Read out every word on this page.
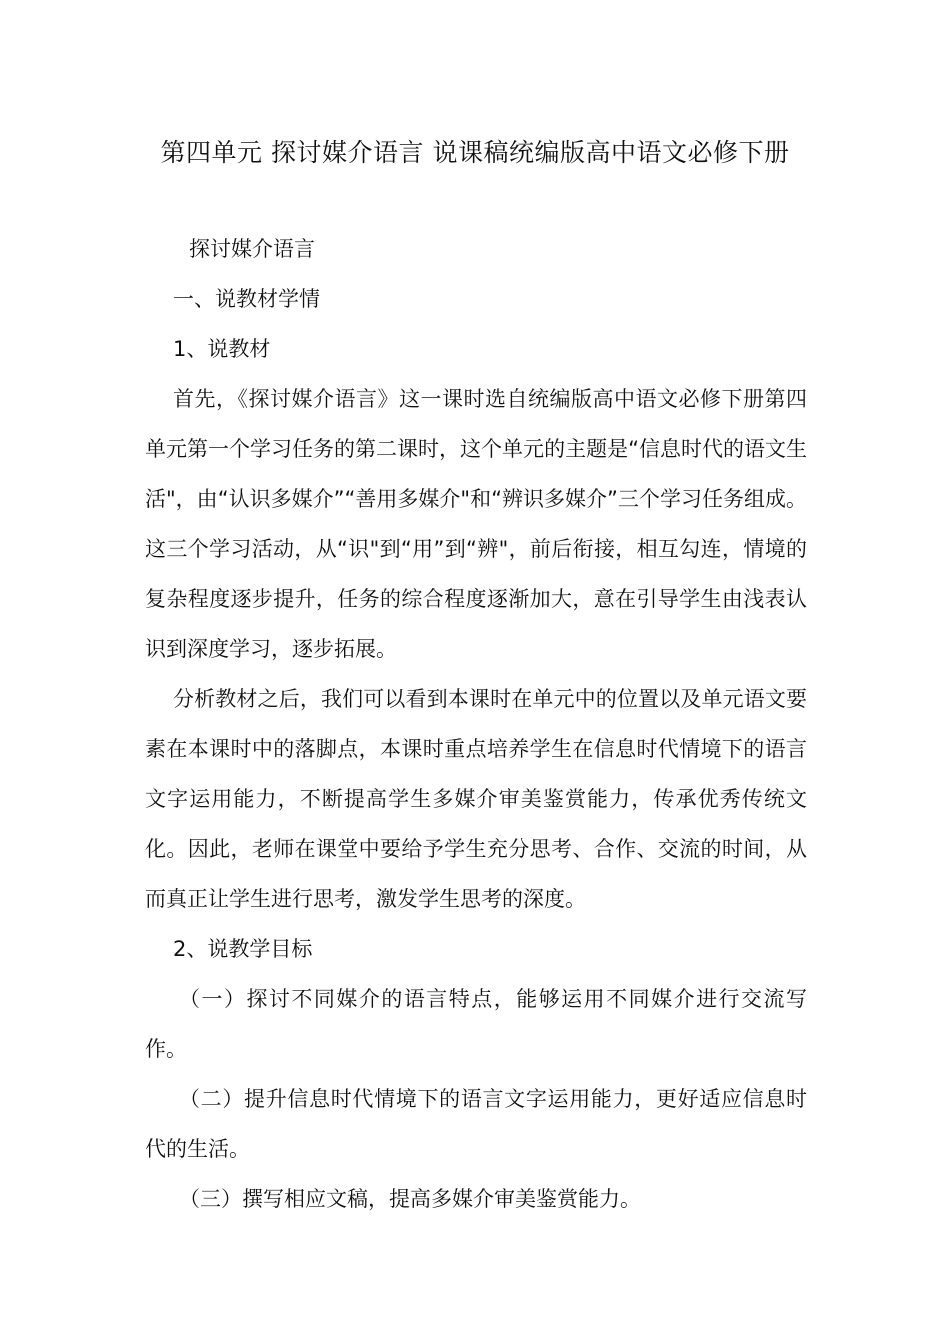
第四单元 探讨媒介语言 说课稿统编版高中语文必修下册

探讨媒介语言

一、说教材学情

1、说教材

首先，《探讨媒介语言》这一课时选自统编版高中语文必修下册第四单元第一个学习任务的第二课时，这个单元的主题是“信息时代的语文生活"，由“认识多媒介”“善用多媒介"和“辨识多媒介”三个学习任务组成。这三个学习活动，从“识"到“用”到“辨"，前后衔接，相互勾连，情境的复杂程度逐步提升，任务的综合程度逐渐加大，意在引导学生由浅表认识到深度学习，逐步拓展。

分析教材之后，我们可以看到本课时在单元中的位置以及单元语文要素在本课时中的落脚点，本课时重点培养学生在信息时代情境下的语言文字运用能力，不断提高学生多媒介审美鉴赏能力，传承优秀传统文化。因此，老师在课堂中要给予学生充分思考、合作、交流的时间，从而真正让学生进行思考，激发学生思考的深度。

2、说教学目标

（一）探讨不同媒介的语言特点，能够运用不同媒介进行交流写作。

（二）提升信息时代情境下的语言文字运用能力，更好适应信息时代的生活。

（三）撰写相应文稿，提高多媒介审美鉴赏能力。
